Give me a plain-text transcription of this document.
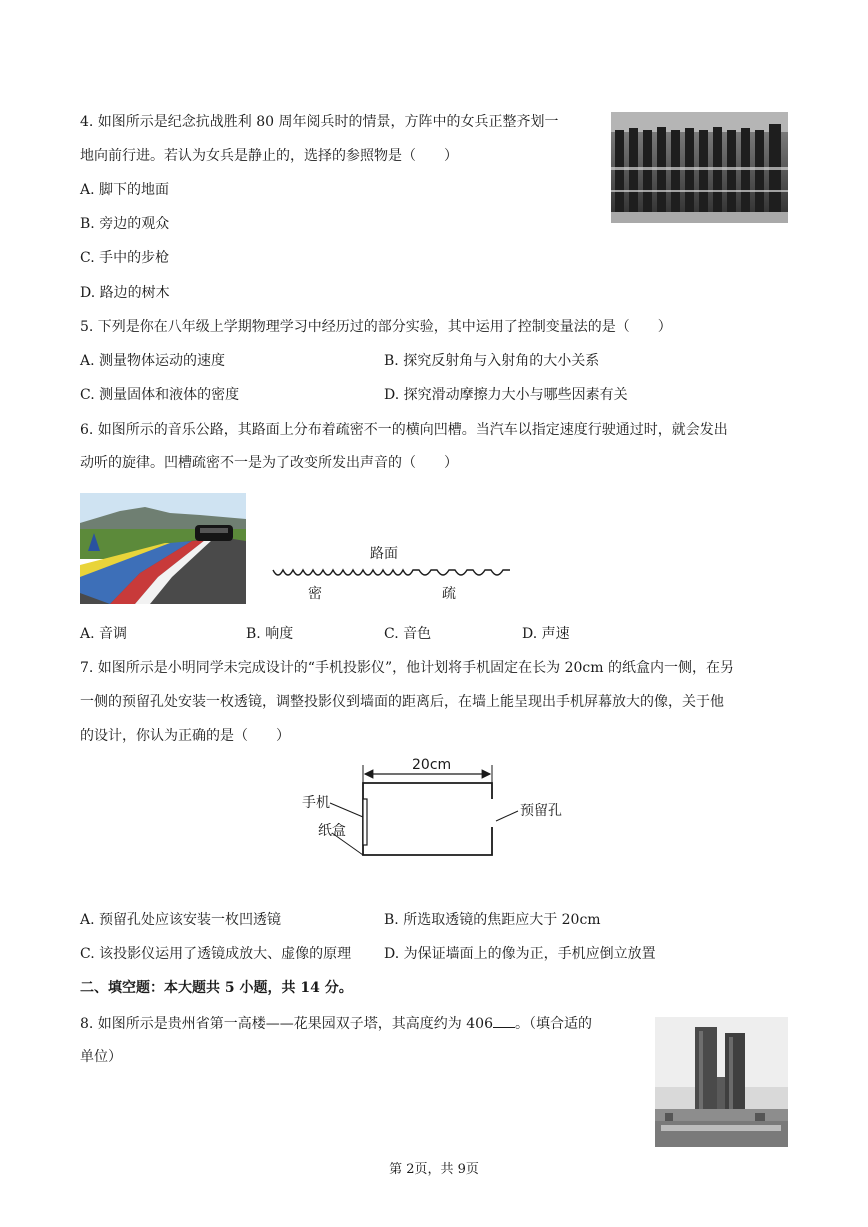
4. 如图所示是纪念抗战胜利 80 周年阅兵时的情景，方阵中的女兵正整齐划一
地向前行进。若认为女兵是静止的，选择的参照物是（　　）
A. 脚下的地面
B. 旁边的观众
C. 手中的步枪
D. 路边的树木
5. 下列是你在八年级上学期物理学习中经历过的部分实验，其中运用了控制变量法的是（　　）
A. 测量物体运动的速度	B. 探究反射角与入射角的大小关系
C. 测量固体和液体的密度	D. 探究滑动摩擦力大小与哪些因素有关
6. 如图所示的音乐公路，其路面上分布着疏密不一的横向凹槽。当汽车以指定速度行驶通过时，就会发出
动听的旋律。凹槽疏密不一是为了改变所发出声音的（　　）
路面
密	疏
A. 音调	B. 响度	C. 音色	D. 声速
7. 如图所示是小明同学未完成设计的“手机投影仪”，他计划将手机固定在长为 20cm 的纸盒内一侧，在另
一侧的预留孔处安装一枚透镜，调整投影仪到墙面的距离后，在墙上能呈现出手机屏幕放大的像，关于他
的设计，你认为正确的是（　　）
20cm
手机
纸盒
预留孔
A. 预留孔处应该安装一枚凹透镜	B. 所选取透镜的焦距应大于 20cm
C. 该投影仪运用了透镜成放大、虚像的原理 D. 为保证墙面上的像为正，手机应倒立放置
二、填空题：本大题共 5 小题，共 14 分。
8. 如图所示是贵州省第一高楼——花果园双子塔，其高度约为 406 。（填合适的
单位）
第 2页，共 9页
